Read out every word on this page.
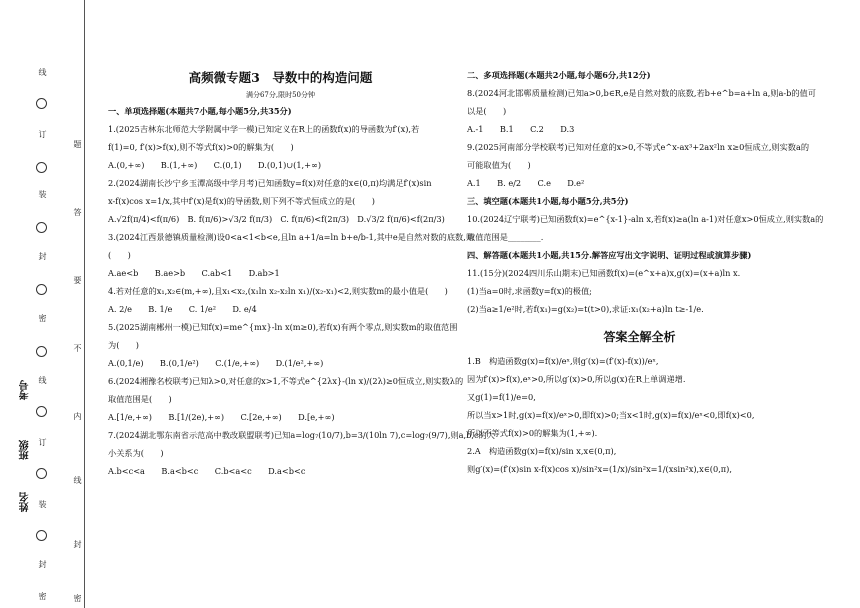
线
订
装
封
密
线
订
装
封
密
考号
班级
姓名
题
答
要
不
内
线
封
密
高频微专题3　导数中的构造问题
满分67分,限时50分钟
一、单项选择题(本题共7小题,每小题5分,共35分)
1.(2025吉林东北师范大学附属中学一模)已知定义在R上的函数f(x)的导函数为f′(x),若
f(1)=0, f′(x)>f(x),则不等式f(x)>0的解集为(　　)
A.(0,+∞)　　B.(1,+∞)　　C.(0,1)　　D.(0,1)∪(1,+∞)
2.(2024湖南长沙宁乡玉潭高级中学月考)已知函数y=f(x)对任意的x∈(0,π)均满足f′(x)sin
x-f(x)cos x=1/x,其中f′(x)是f(x)的导函数,则下列不等式恒成立的是(　　)
A.√2f(π/4)<f(π/6)　B. f(π/6)>√3/2 f(π/3)　C. f(π/6)<f(2π/3)　D.√3/2 f(π/6)<f(2π/3)
3.(2024江西景德镇质量检测)设0<a<1<b<e,且ln a+1/a=ln b+e/b-1,其中e是自然对数的底数,则
(　　)
A.ae<b　　B.ae>b　　C.ab<1　　D.ab>1
4.若对任意的x₁,x₂∈(m,+∞),且x₁<x₂,(x₁ln x₂-x₂ln x₁)/(x₂-x₁)<2,则实数m的最小值是(　　)
A. 2/e　　B. 1/e　　C. 1/e²　　D. e/4
5.(2025湖南郴州一模)已知f(x)=me^{mx}-ln x(m≥0),若f(x)有两个零点,则实数m的取值范围
为(　　)
A.(0,1/e)　　B.(0,1/e²)　　C.(1/e,+∞)　　D.(1/e²,+∞)
6.(2024湘豫名校联考)已知λ>0,对任意的x>1,不等式e^{2λx}-(ln x)/(2λ)≥0恒成立,则实数λ的
取值范围是(　　)
A.[1/e,+∞)　　B.[1/(2e),+∞)　　C.[2e,+∞)　　D.[e,+∞)
7.(2024湖北鄂东南省示范高中教改联盟联考)已知a=log₇(10/7),b=3/(10ln 7),c=log₇(9/7),则a,b,c的大
小关系为(　　)
A.b<c<a　　B.a<b<c　　C.b<a<c　　D.a<b<c
二、多项选择题(本题共2小题,每小题6分,共12分)
8.(2024河北邯郸质量检测)已知a>0,b∈R,e是自然对数的底数,若b+e^b=a+ln a,则a-b的值可
以是(　　)
A.-1　　B.1　　C.2　　D.3
9.(2025河南部分学校联考)已知对任意的x>0,不等式e^x-ax³+2ax²ln x≥0恒成立,则实数a的
可能取值为(　　)
A.1　　B. e/2　　C.e　　D.e²
三、填空题(本题共1小题,每小题5分,共5分)
10.(2024辽宁联考)已知函数f(x)=e^{x-1}-aln x,若f(x)≥a(ln a-1)对任意x>0恒成立,则实数a的
取值范围是________.
四、解答题(本题共1小题,共15分.解答应写出文字说明、证明过程或演算步骤)
11.(15分)(2024四川乐山期末)已知函数f(x)=(e^x+a)x,g(x)=(x+a)ln x.
(1)当a=0时,求函数y=f(x)的极值;
(2)当a≥1/e²时,若f(x₁)=g(x₂)=t(t>0),求证:x₁(x₂+a)ln t≥-1/e.
答案全解全析
1.B　构造函数g(x)=f(x)/eˣ,则g′(x)=(f′(x)-f(x))/eˣ,
因为f′(x)>f(x),eˣ>0,所以g′(x)>0,所以g(x)在R上单调递增.
又g(1)=f(1)/e=0,
所以当x>1时,g(x)=f(x)/eˣ>0,即f(x)>0;当x<1时,g(x)=f(x)/eˣ<0,即f(x)<0,
所以不等式f(x)>0的解集为(1,+∞).
2.A　构造函数g(x)=f(x)/sin x,x∈(0,π),
则g′(x)=(f′(x)sin x-f(x)cos x)/sin²x=(1/x)/sin²x=1/(xsin²x),x∈(0,π),
